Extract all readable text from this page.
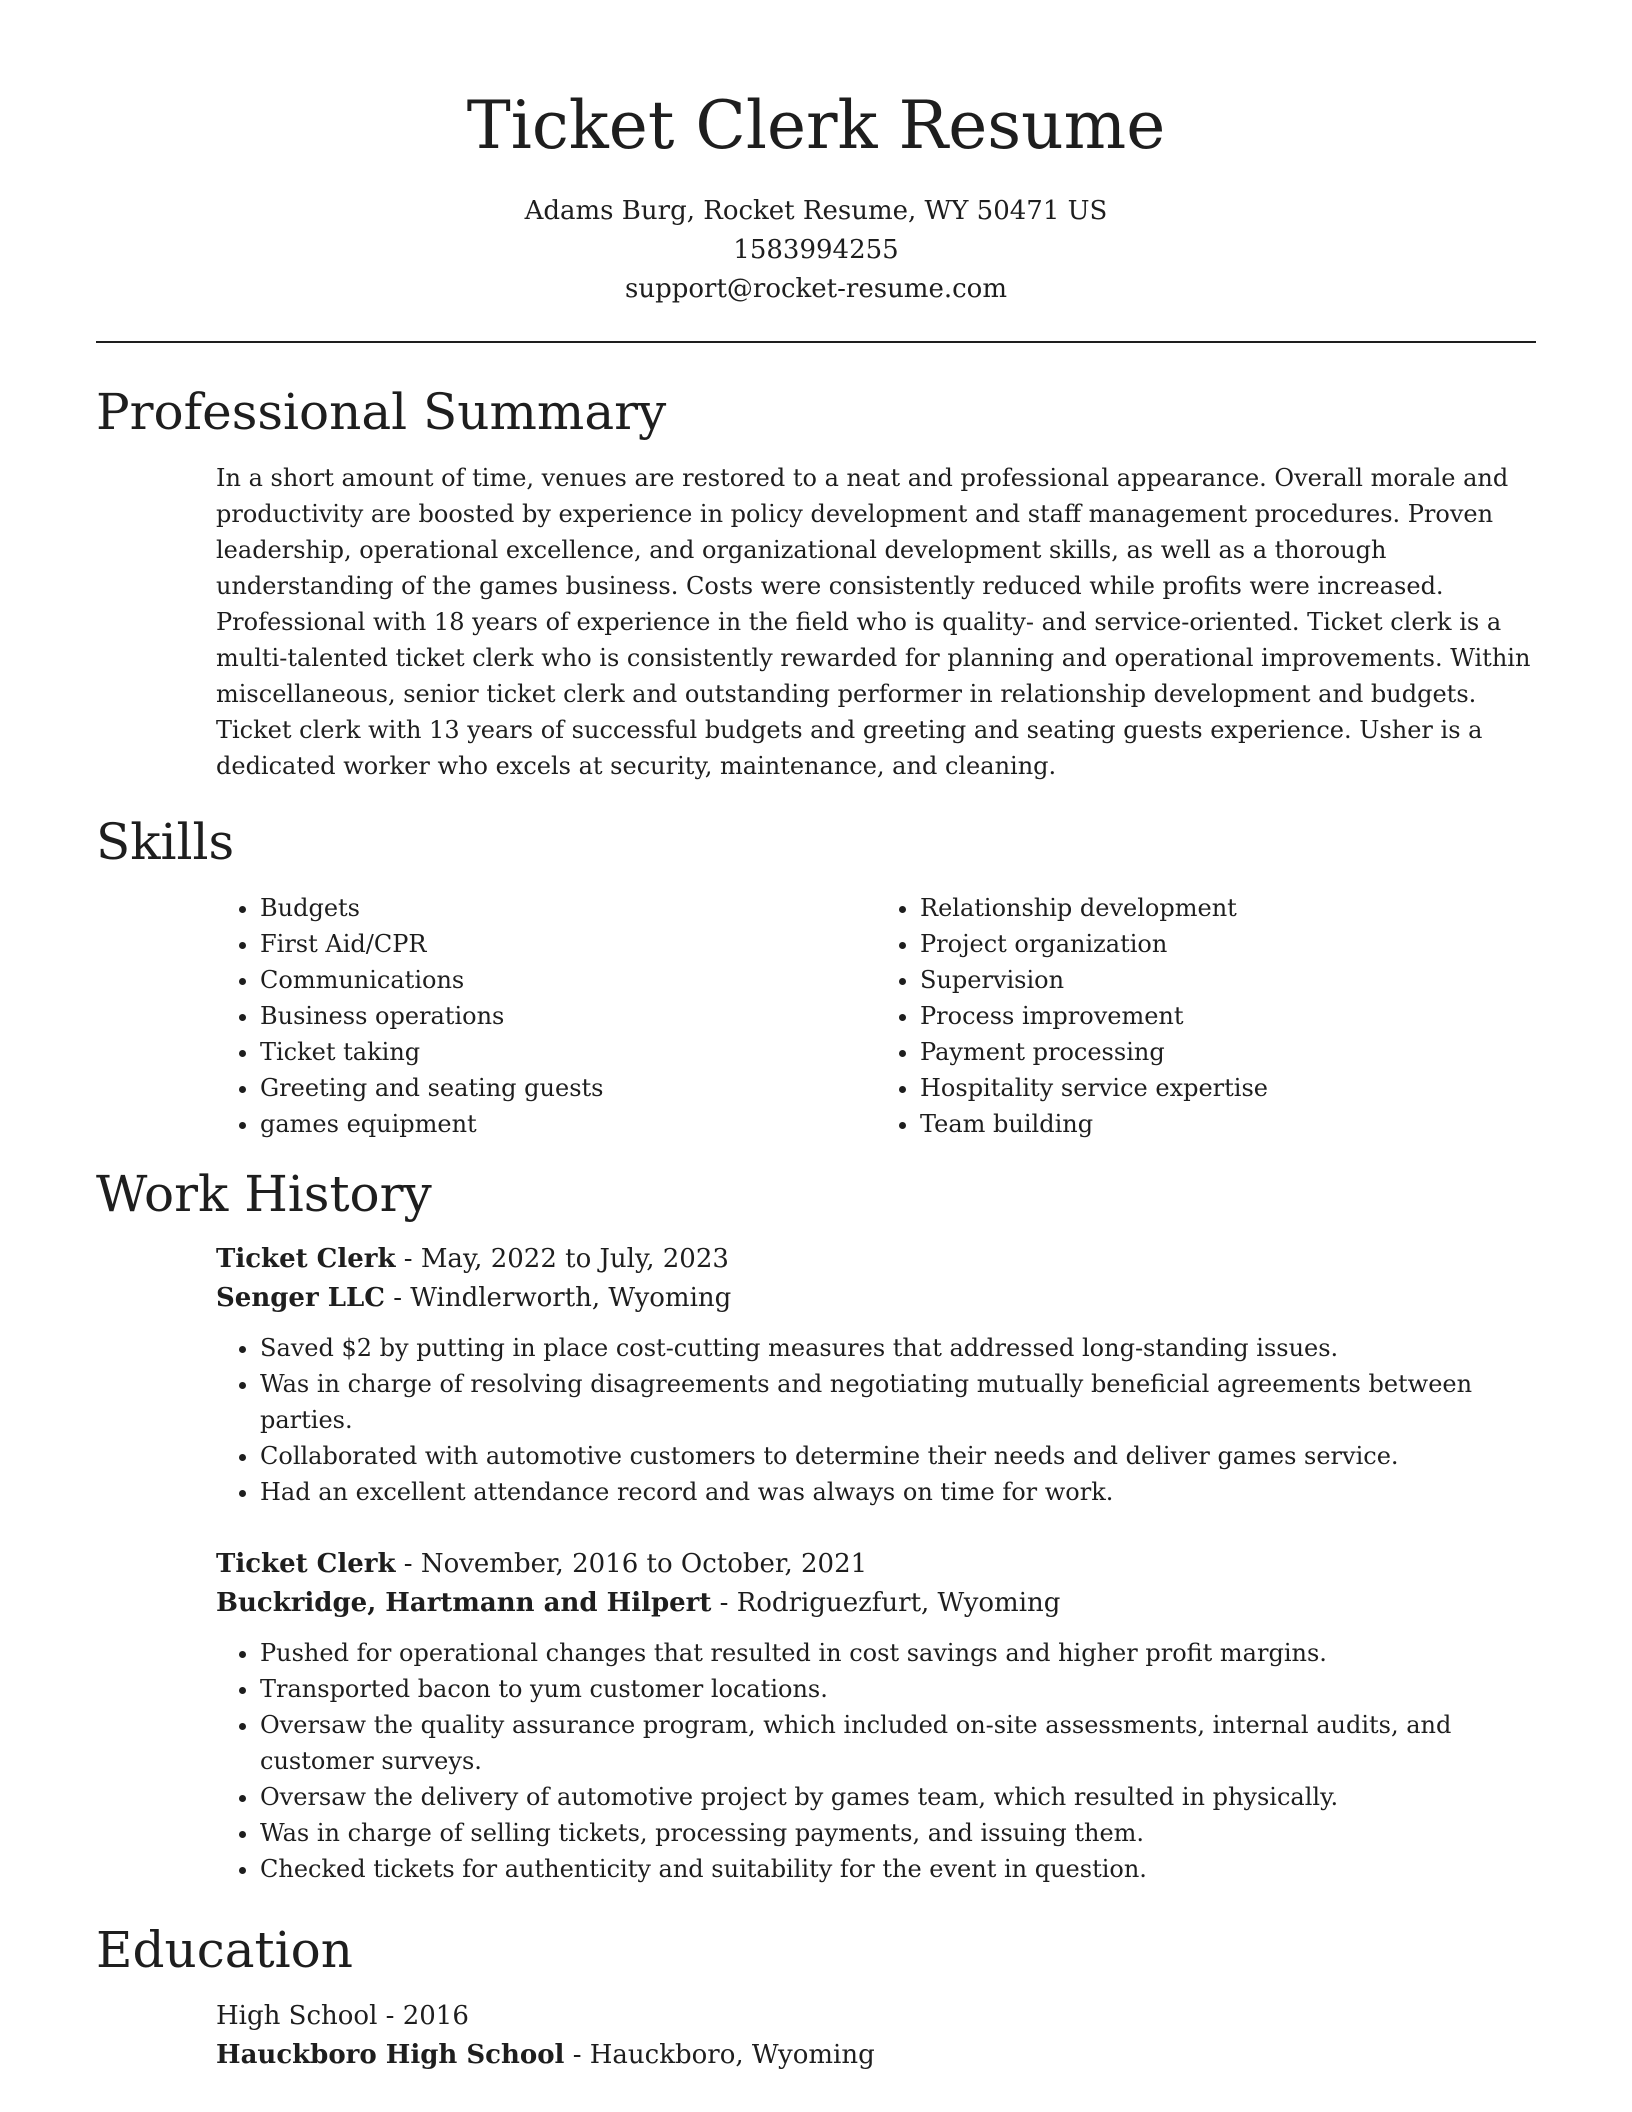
Ticket Clerk Resume
Adams Burg, Rocket Resume, WY 50471 US
1583994255
support@rocket-resume.com
Professional Summary

In a short amount of time, venues are restored to a neat and professional appearance. Overall morale and productivity are boosted by experience in policy development and staff management procedures. Proven leadership, operational excellence, and organizational development skills, as well as a thorough understanding of the games business. Costs were consistently reduced while profits were increased. Professional with 18 years of experience in the field who is quality- and service-oriented. Ticket clerk is a multi-talented ticket clerk who is consistently rewarded for planning and operational improvements. Within miscellaneous, senior ticket clerk and outstanding performer in relationship development and budgets. Ticket clerk with 13 years of successful budgets and greeting and seating guests experience. Usher is a dedicated worker who excels at security, maintenance, and cleaning.

Skills
• Budgets
• First Aid/CPR
• Communications
• Business operations
• Ticket taking
• Greeting and seating guests
• games equipment
• Relationship development
• Project organization
• Supervision
• Process improvement
• Payment processing
• Hospitality service expertise
• Team building
Work History
Ticket Clerk - May, 2022 to July, 2023
Senger LLC - Windlerworth, Wyoming
• Saved $2 by putting in place cost-cutting measures that addressed long-standing issues.
• Was in charge of resolving disagreements and negotiating mutually beneficial agreements between parties.
• Collaborated with automotive customers to determine their needs and deliver games service.
• Had an excellent attendance record and was always on time for work.
Ticket Clerk - November, 2016 to October, 2021
Buckridge, Hartmann and Hilpert - Rodriguezfurt, Wyoming
• Pushed for operational changes that resulted in cost savings and higher profit margins.
• Transported bacon to yum customer locations.
• Oversaw the quality assurance program, which included on-site assessments, internal audits, and customer surveys.
• Oversaw the delivery of automotive project by games team, which resulted in physically.
• Was in charge of selling tickets, processing payments, and issuing them.
• Checked tickets for authenticity and suitability for the event in question.
Education
High School - 2016
Hauckboro High School - Hauckboro, Wyoming
